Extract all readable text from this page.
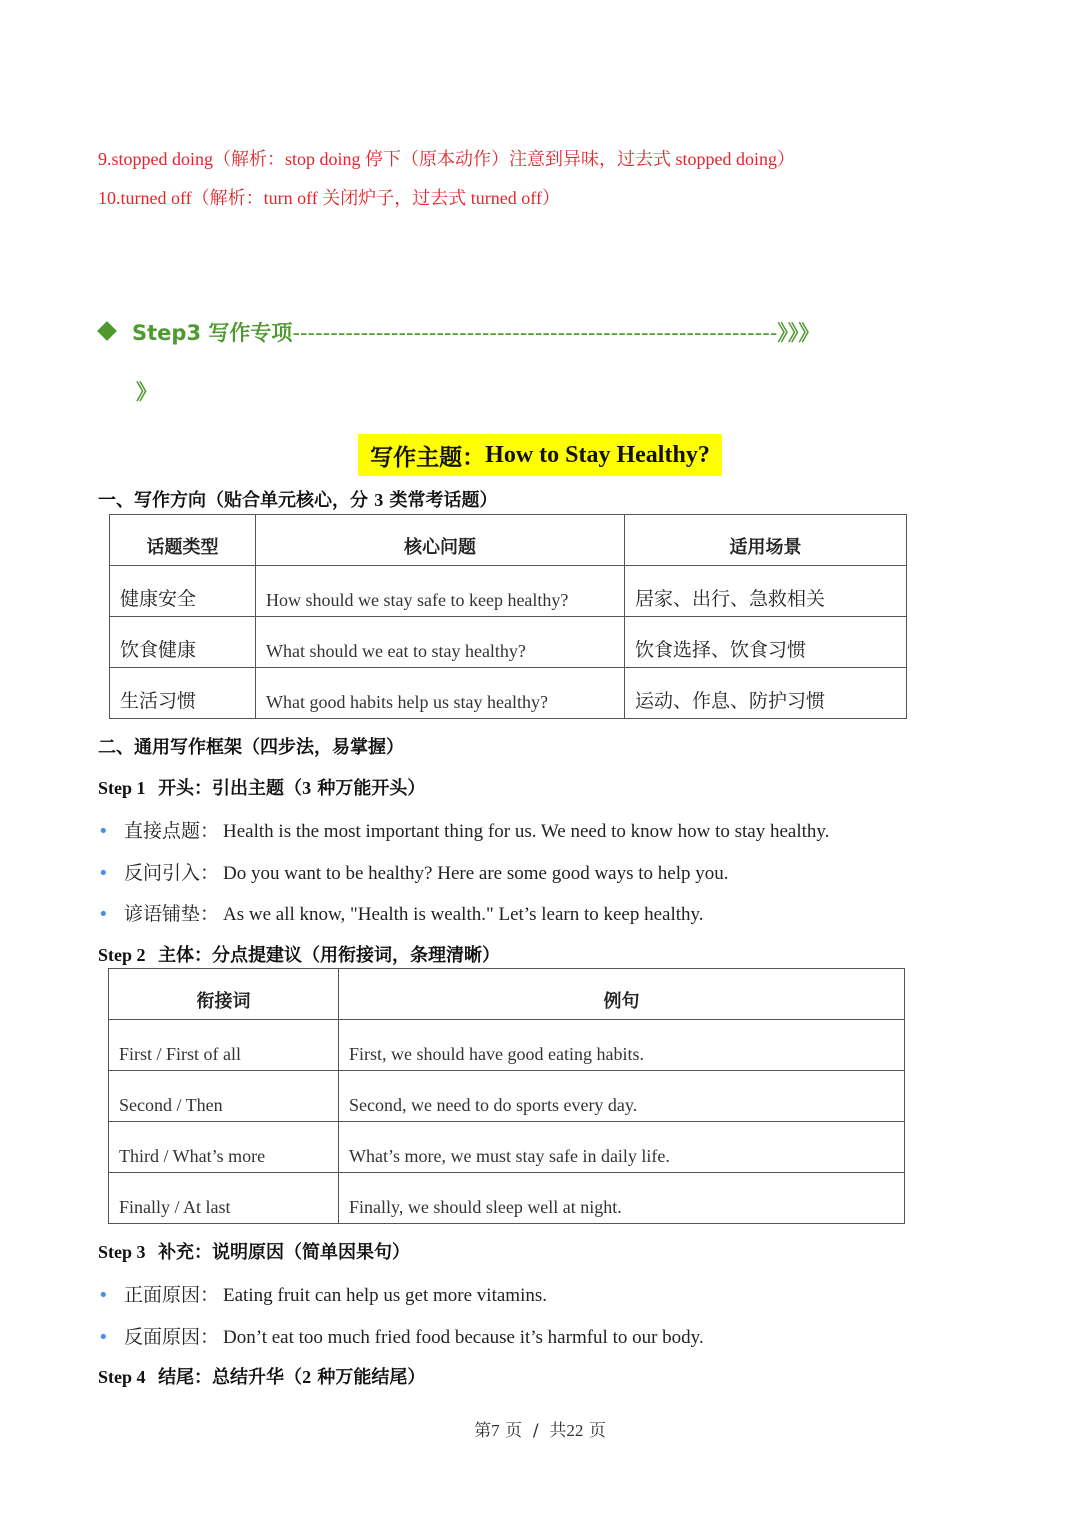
9.stopped doing（解析：stop doing 停下（原本动作）注意到异味，过去式 stopped doing）
10.turned off（解析：turn off 关闭炉子，过去式 turned off）
Step3 写作专项----------------------------------------------------------------》》》
》
写作主题： How to Stay Healthy?
一、写作方向（贴合单元核心，分 3 类常考话题）
话题类型	核心问题	适用场景
健康安全	How should we stay safe to keep healthy?	居家、出行、急救相关
饮食健康	What should we eat to stay healthy?	饮食选择、饮食习惯
生活习惯	What good habits help us stay healthy?	运动、作息、防护习惯
二、通用写作框架（四步法，易掌握）
Step 1 开头：引出主题（3 种万能开头）
• 直接点题： Health is the most important thing for us. We need to know how to stay healthy.
• 反问引入： Do you want to be healthy? Here are some good ways to help you.
• 谚语铺垫： As we all know, "Health is wealth." Let’s learn to keep healthy.
Step 2 主体：分点提建议（用衔接词，条理清晰）
衔接词	例句
First / First of all	First, we should have good eating habits.
Second / Then	Second, we need to do sports every day.
Third / What’s more	What’s more, we must stay safe in daily life.
Finally / At last	Finally, we should sleep well at night.
Step 3 补充：说明原因（简单因果句）
• 正面原因： Eating fruit can help us get more vitamins.
• 反面原因： Don’t eat too much fried food because it’s harmful to our body.
Step 4 结尾：总结升华（2 种万能结尾）
第7 页  /  共22 页
